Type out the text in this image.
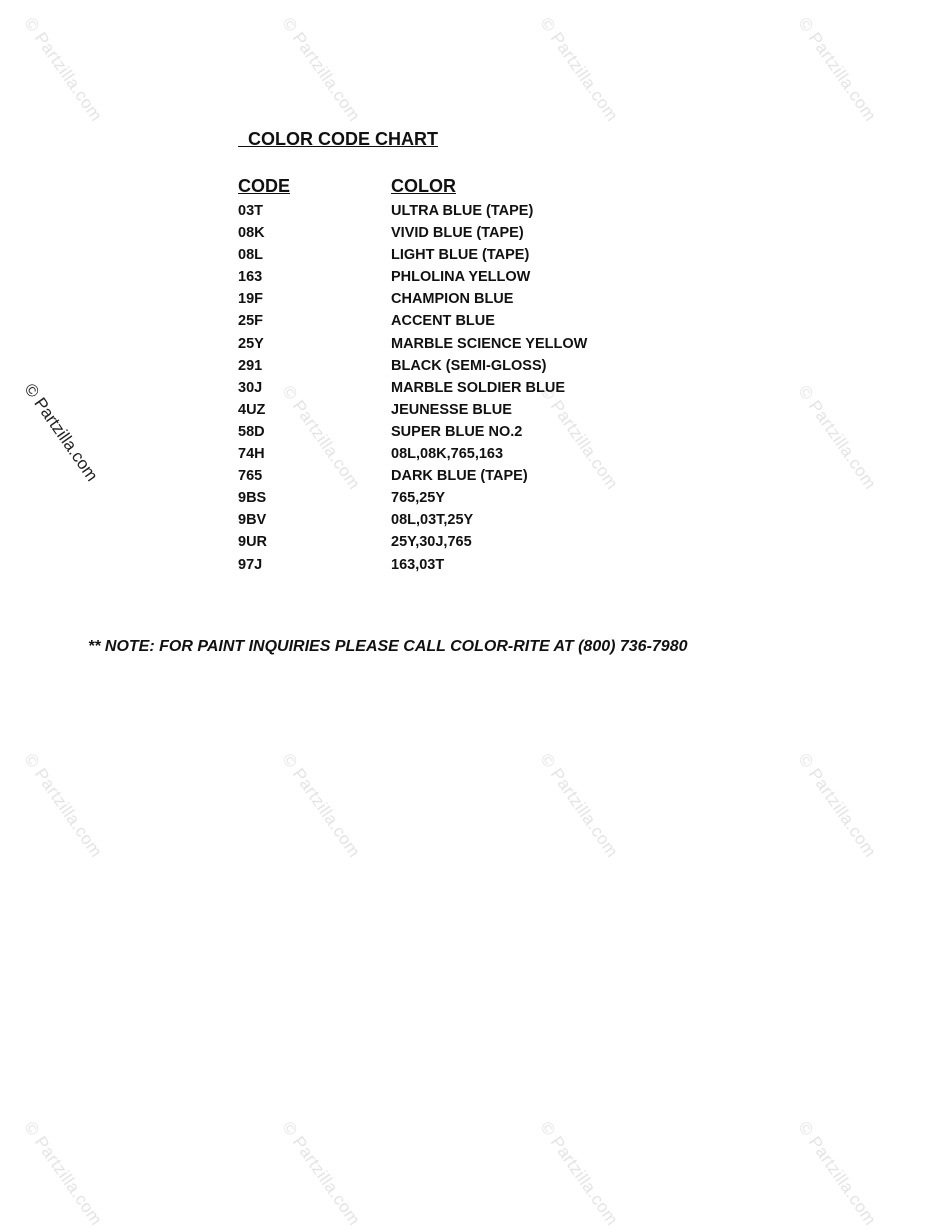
© Partzilla.com	© Partzilla.com	© Partzilla.com	© Partzilla.com
© Partzilla.com	© Partzilla.com	© Partzilla.com
© Partzilla.com	© Partzilla.com	© Partzilla.com	© Partzilla.com
© Partzilla.com	© Partzilla.com	© Partzilla.com	© Partzilla.com
© Partzilla.com
COLOR CODE CHART
CODE	COLOR
03T	ULTRA BLUE (TAPE)
08K	VIVID BLUE (TAPE)
08L	LIGHT BLUE (TAPE)
163	PHLOLINA YELLOW
19F	CHAMPION BLUE
25F	ACCENT BLUE
25Y	MARBLE SCIENCE YELLOW
291	BLACK (SEMI-GLOSS)
30J	MARBLE SOLDIER BLUE
4UZ	JEUNESSE BLUE
58D	SUPER BLUE NO.2
74H	08L,08K,765,163
765	DARK BLUE (TAPE)
9BS	765,25Y
9BV	08L,03T,25Y
9UR	25Y,30J,765
97J	163,03T
** NOTE: FOR PAINT INQUIRIES PLEASE CALL COLOR-RITE AT (800) 736-7980
